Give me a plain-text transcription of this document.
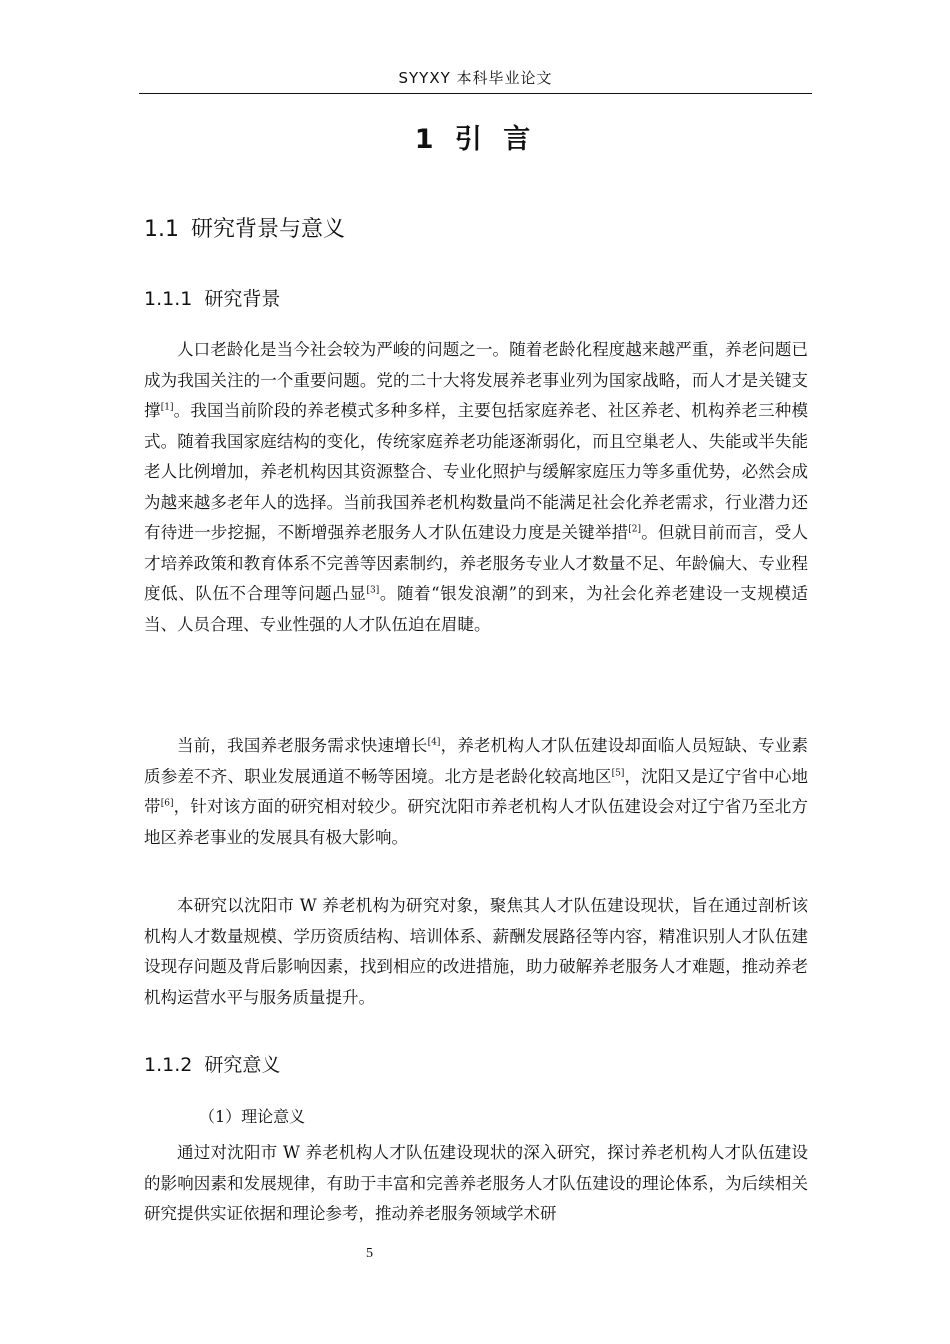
SYYXY 本科毕业论文
1 引 言
1.1 研究背景与意义
1.1.1 研究背景

人口老龄化是当今社会较为严峻的问题之一。随着老龄化程度越来越严重，养老问题已成为我国关注的一个重要问题。党的二十大将发展养老事业列为国家战略，而人才是关键支撑[1]。我国当前阶段的养老模式多种多样，主要包括家庭养老、社区养老、机构养老三种模式。随着我国家庭结构的变化，传统家庭养老功能逐渐弱化，而且空巢老人、失能或半失能老人比例增加，养老机构因其资源整合、专业化照护与缓解家庭压力等多重优势，必然会成为越来越多老年人的选择。当前我国养老机构数量尚不能满足社会化养老需求，行业潜力还有待进一步挖掘，不断增强养老服务人才队伍建设力度是关键举措[2]。但就目前而言，受人才培养政策和教育体系不完善等因素制约，养老服务专业人才数量不足、年龄偏大、专业程度低、队伍不合理等问题凸显[3]。随着“银发浪潮”的到来，为社会化养老建设一支规模适当、人员合理、专业性强的人才队伍迫在眉睫。

当前，我国养老服务需求快速增长[4]，养老机构人才队伍建设却面临人员短缺、专业素质参差不齐、职业发展通道不畅等困境。北方是老龄化较高地区[5]，沈阳又是辽宁省中心地带[6]，针对该方面的研究相对较少。研究沈阳市养老机构人才队伍建设会对辽宁省乃至北方地区养老事业的发展具有极大影响。

本研究以沈阳市 W 养老机构为研究对象，聚焦其人才队伍建设现状，旨在通过剖析该机构人才数量规模、学历资质结构、培训体系、薪酬发展路径等内容，精准识别人才队伍建设现存问题及背后影响因素，找到相应的改进措施，助力破解养老服务人才难题，推动养老机构运营水平与服务质量提升。

1.1.2 研究意义
（1）理论意义

通过对沈阳市 W 养老机构人才队伍建设现状的深入研究，探讨养老机构人才队伍建设的影响因素和发展规律，有助于丰富和完善养老服务人才队伍建设的理论体系，为后续相关研究提供实证依据和理论参考，推动养老服务领域学术研

5
